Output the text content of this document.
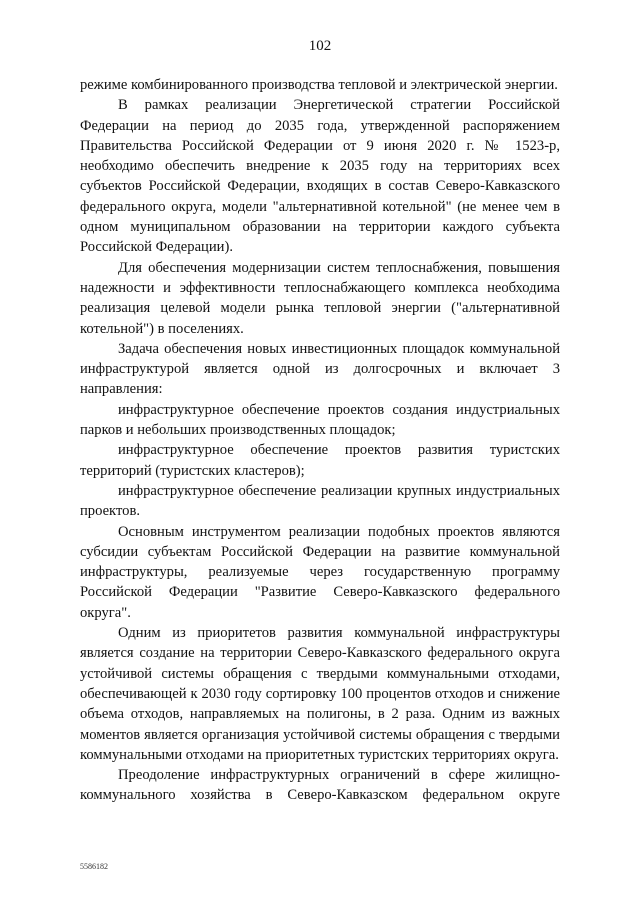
102

режиме комбинированного производства тепловой и электрической энергии.

В рамках реализации Энергетической стратегии Российской Федерации на период до 2035 года, утвержденной распоряжением Правительства Российской Федерации от 9 июня 2020 г. № 1523-р, необходимо обеспечить внедрение к 2035 году на территориях всех субъектов Российской Федерации, входящих в состав Северо-Кавказского федерального округа, модели "альтернативной котельной" (не менее чем в одном муниципальном образовании на территории каждого субъекта Российской Федерации).

Для обеспечения модернизации систем теплоснабжения, повышения надежности и эффективности теплоснабжающего комплекса необходима реализация целевой модели рынка тепловой энергии ("альтернативной котельной") в поселениях.

Задача обеспечения новых инвестиционных площадок коммунальной инфраструктурой является одной из долгосрочных и включает 3 направления:

инфраструктурное обеспечение проектов создания индустриальных парков и небольших производственных площадок;

инфраструктурное обеспечение проектов развития туристских территорий (туристских кластеров);

инфраструктурное обеспечение реализации крупных индустриальных проектов.

Основным инструментом реализации подобных проектов являются субсидии субъектам Российской Федерации на развитие коммунальной инфраструктуры, реализуемые через государственную программу Российской Федерации "Развитие Северо-Кавказского федерального округа".

Одним из приоритетов развития коммунальной инфраструктуры является создание на территории Северо-Кавказского федерального округа устойчивой системы обращения с твердыми коммунальными отходами, обеспечивающей к 2030 году сортировку 100 процентов отходов и снижение объема отходов, направляемых на полигоны, в 2 раза. Одним из важных моментов является организация устойчивой системы обращения с твердыми коммунальными отходами на приоритетных туристских территориях округа.

Преодоление инфраструктурных ограничений в сфере жилищно-коммунального хозяйства в Северо-Кавказском федеральном округе

5586182
